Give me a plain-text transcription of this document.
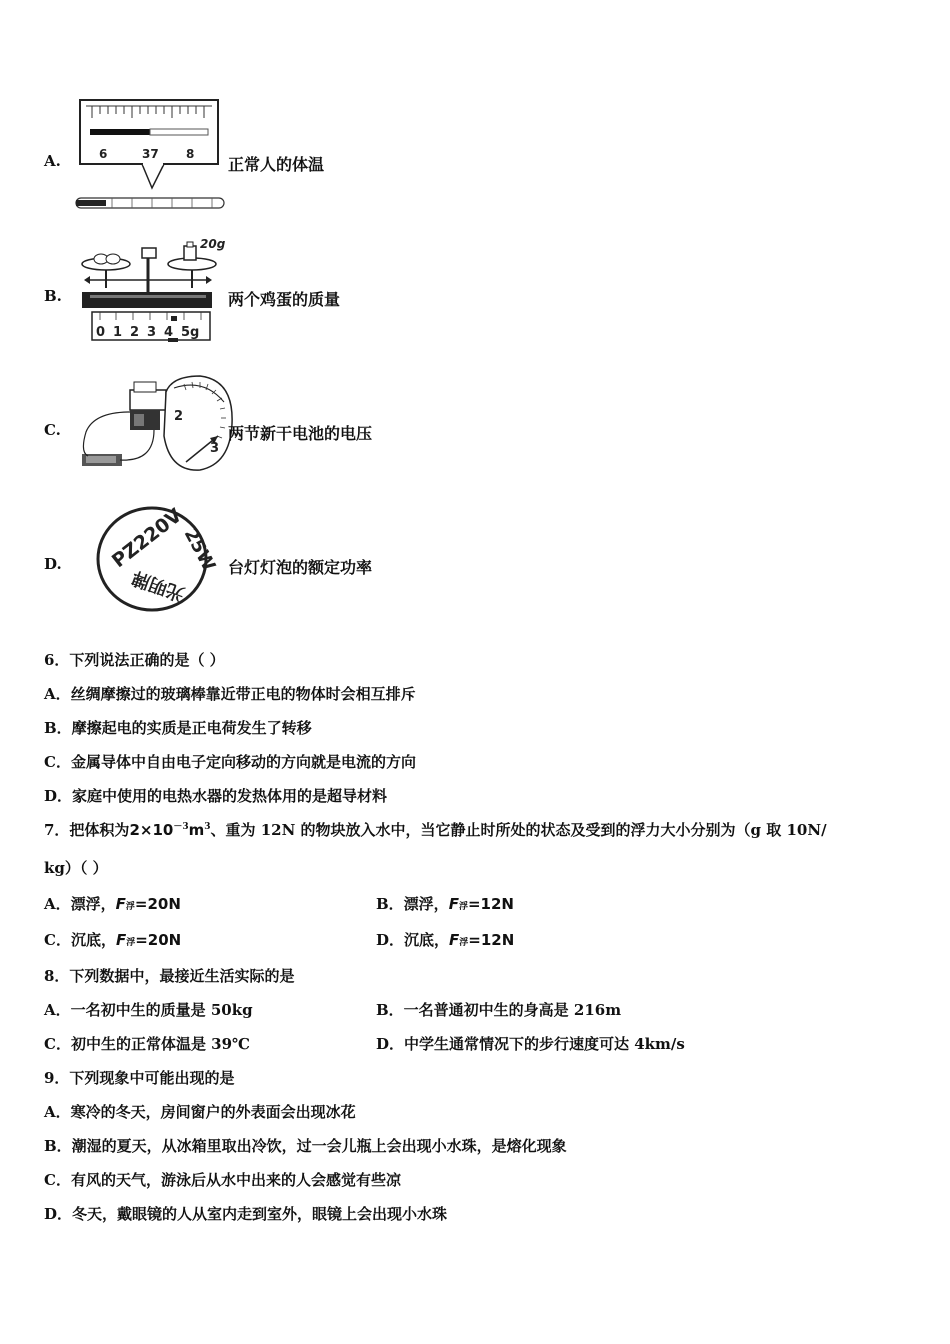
A.	6	37 8
正常人的体温
B.
20g
0 1 2 3 4 5g
两个鸡蛋的质量
C.
2
3
两节新干电池的电压
D. PZ220V
25W
光明牌	台灯灯泡的额定功率
6．下列说法正确的是（ ）
A．丝绸摩擦过的玻璃棒靠近带正电的物体时会相互排斥
B．摩擦起电的实质是正电荷发生了转移
C．金属导体中自由电子定向移动的方向就是电流的方向
D．家庭中使用的电热水器的发热体用的是超导材料
7．把体积为$2\times 10^{-3}m^3$、重为 12N 的物块放入水中，当它静止时所处的状态及受到的浮力大小分别为（g 取 10N/
kg）（ ）
A．漂浮，F浮=20N	B．漂浮，F浮=12N
C．沉底，F浮=20N	D．沉底，F浮=12N
8．下列数据中，最接近生活实际的是
A．一名初中生的质量是 50kg	B．一名普通初中生的身高是 216m
C．初中生的正常体温是 39℃	D．中学生通常情况下的步行速度可达 4km/s
9．下列现象中可能出现的是
A．寒冷的冬天，房间窗户的外表面会出现冰花
B．潮湿的夏天，从冰箱里取出冷饮，过一会儿瓶上会出现小水珠，是熔化现象
C．有风的天气，游泳后从水中出来的人会感觉有些凉
D．冬天，戴眼镜的人从室内走到室外，眼镜上会出现小水珠
